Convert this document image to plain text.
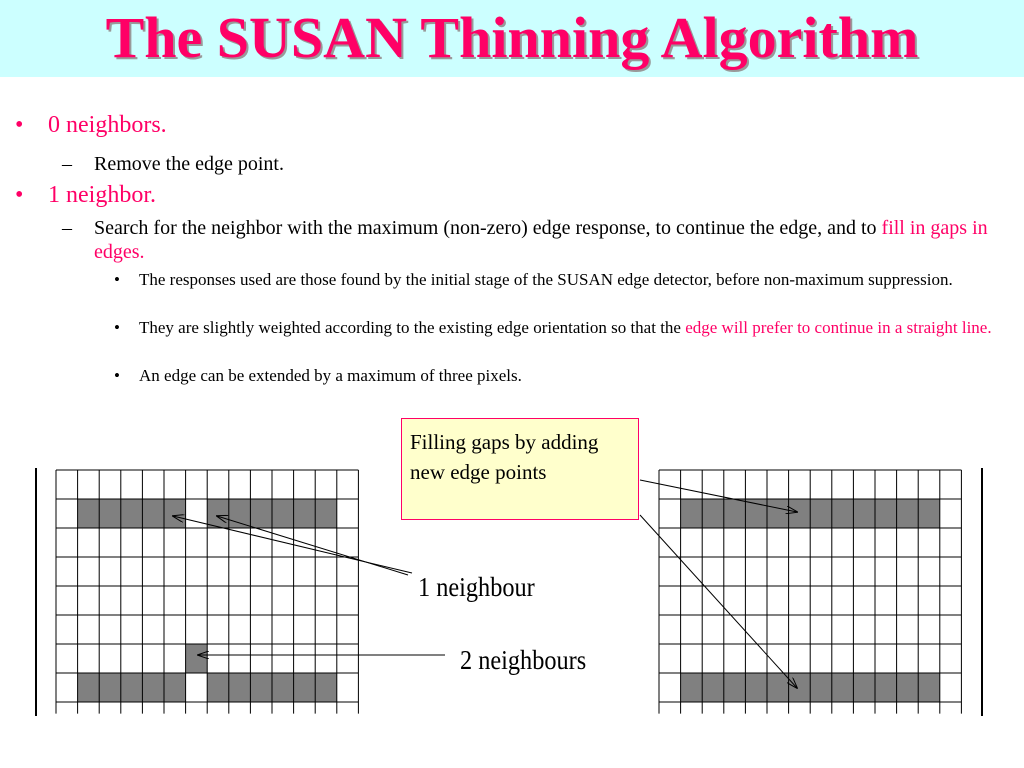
The SUSAN Thinning Algorithm
• 0 neighbors.
– Remove the edge point.
• 1 neighbor.
– Search for the neighbor with the maximum (non-zero) edge response, to continue the edge, and to fill in gaps in edges.
• The responses used are those found by the initial stage of the SUSAN edge detector, before non-maximum suppression.
• They are slightly weighted according to the existing edge orientation so that the edge will prefer to continue in a straight line.
• An edge can be extended by a maximum of three pixels.
Filling gaps by adding new edge points
1 neighbour
2 neighbours
